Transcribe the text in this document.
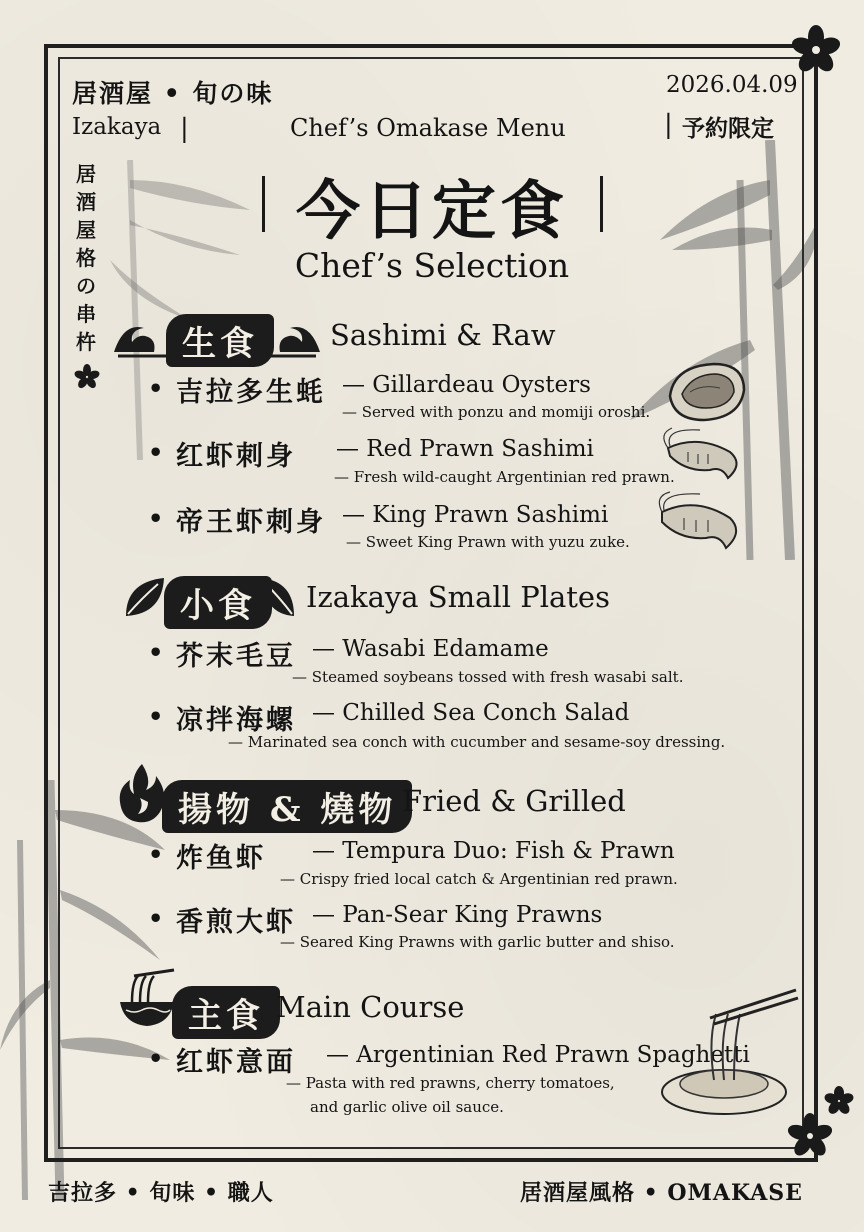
居酒屋 • 旬の味
Izakaya |	Chef’s Omakase Menu
2026.04.09
| 予約限定
居酒屋格の串杵
今日定食
Chef’s Selection
生食	Sashimi & Raw
• 吉拉多生蚝 — Gillardeau Oysters
— Served with ponzu and momiji oroshi.
• 红虾刺身 — Red Prawn Sashimi
— Fresh wild-caught Argentinian red prawn.
• 帝王虾刺身 — King Prawn Sashimi
— Sweet King Prawn with yuzu zuke.
小食	Izakaya Small Plates
• 芥末毛豆 — Wasabi Edamame
— Steamed soybeans tossed with fresh wasabi salt.
• 凉拌海螺 — Chilled Sea Conch Salad
— Marinated sea conch with cucumber and sesame-soy dressing.
揚物 & 燒物 Fried & Grilled
• 炸鱼虾 — Tempura Duo: Fish & Prawn
— Crispy fried local catch & Argentinian red prawn.
• 香煎大虾 — Pan-Sear King Prawns
— Seared King Prawns with garlic butter and shiso.
主食 Main Course
• 红虾意面 — Argentinian Red Prawn Spaghetti
— Pasta with red prawns, cherry tomatoes,
and garlic olive oil sauce.
吉拉多 • 旬味 • 職人	居酒屋風格 • OMAKASE
